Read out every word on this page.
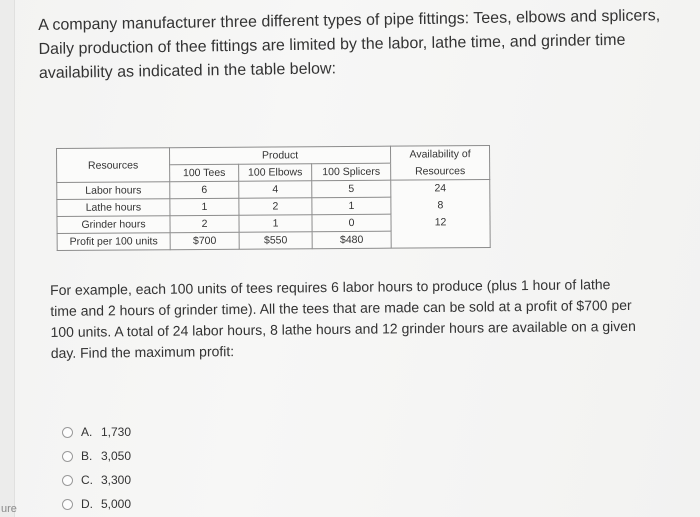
ure

A company manufacturer three different types of pipe fittings: Tees, elbows and splicers, Daily production of thee fittings are limited by the labor, lathe time, and grinder time availability as indicated in the table below:

Resources	Product			Availability of
	100 Tees	100 Elbows	100 Splicers	Resources
Labor hours	6	4	5	24
Lathe hours	1	2	1	8
Grinder hours	2	1	0	12
Profit per 100 units	$700	$550	$480	

For example, each 100 units of tees requires 6 labor hours to produce (plus 1 hour of lathe time and 2 hours of grinder time). All the tees that are made can be sold at a profit of $700 per 100 units. A total of 24 labor hours, 8 lathe hours and 12 grinder hours are available on a given day. Find the maximum profit:

A. 1,730
B. 3,050
C. 3,300
D. 5,000
